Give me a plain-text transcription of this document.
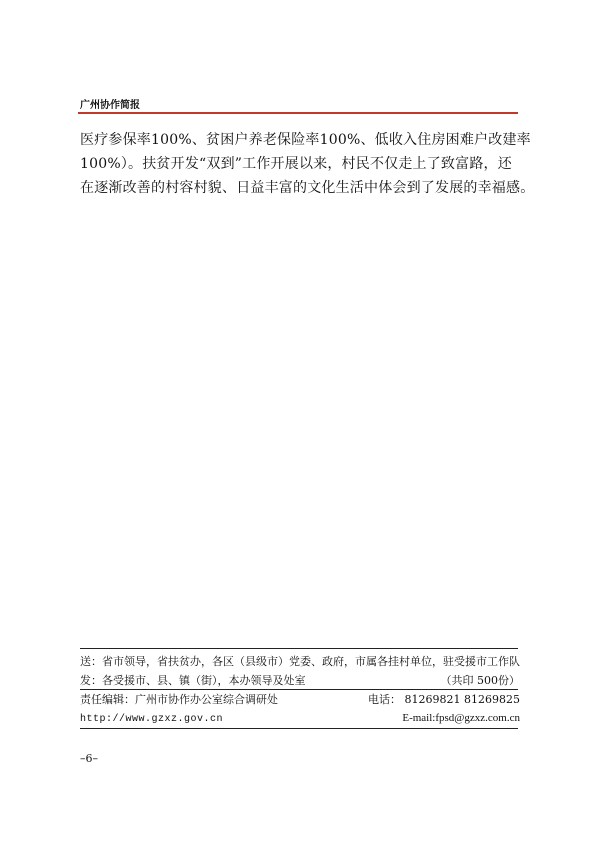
广州协作简报
医疗参保率100%、贫困户养老保险率100%、低收入住房困难户改建率
100%）。扶贫开发“双到”工作开展以来，村民不仅走上了致富路，还
在逐渐改善的村容村貌、日益丰富的文化生活中体会到了发展的幸福感。
送：省市领导，省扶贫办，各区（县级市）党委、政府，市属各挂村单位，驻受援市工作队
发：各受援市、县、镇（街），本办领导及处室	（共印 500份）
责任编辑：广州市协作办公室综合调研处	电话： 81269821 81269825
http://www.gzxz.gov.cn	E-mail:fpsd@gzxz.com.cn
–6–
